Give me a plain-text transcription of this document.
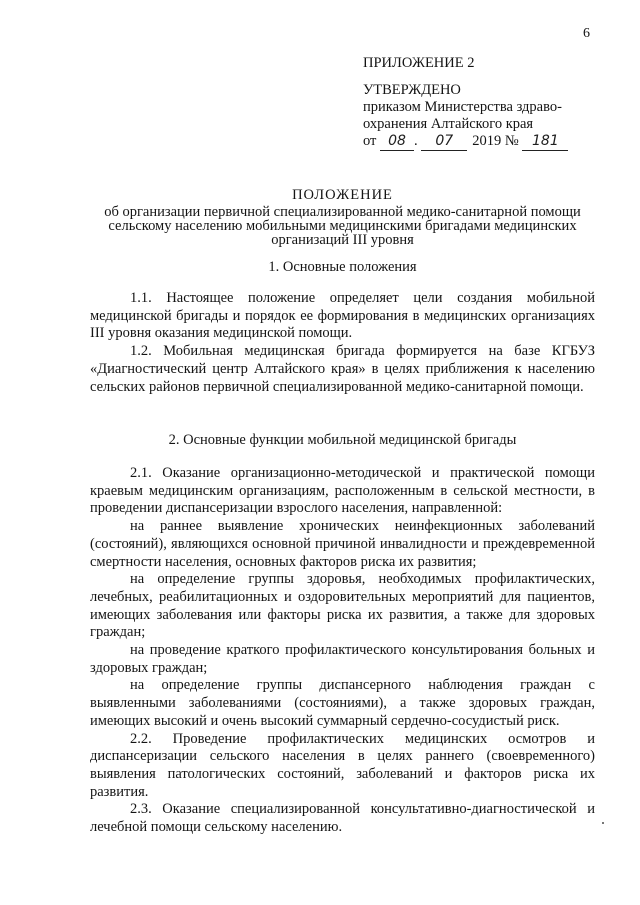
6
ПРИЛОЖЕНИЕ 2
УТВЕРЖДЕНО
приказом Министерства здраво-
охранения Алтайского края
от 08 . 07 2019 № 181
ПОЛОЖЕНИЕ
об организации первичной специализированной медико-санитарной помощи
сельскому населению мобильными медицинскими бригадами медицинских
организаций III уровня
1. Основные положения

1.1. Настоящее положение определяет цели создания мобильной медицинской бригады и порядок ее формирования в медицинских организациях III уровня оказания медицинской помощи.

1.2. Мобильная медицинская бригада формируется на базе КГБУЗ «Диагностический центр Алтайского края» в целях приближения к населению сельских районов первичной специализированной медико-санитарной помощи.

2. Основные функции мобильной медицинской бригады

2.1. Оказание организационно-методической и практической помощи краевым медицинским организациям, расположенным в сельской местности, в проведении диспансеризации взрослого населения, направленной:

на раннее выявление хронических неинфекционных заболеваний (состояний), являющихся основной причиной инвалидности и преждевременной смертности населения, основных факторов риска их развития;

на определение группы здоровья, необходимых профилактических, лечебных, реабилитационных и оздоровительных мероприятий для пациентов, имеющих заболевания или факторы риска их развития, а также для здоровых граждан;

на проведение краткого профилактического консультирования больных и здоровых граждан;

на определение группы диспансерного наблюдения граждан с выявленными заболеваниями (состояниями), а также здоровых граждан, имеющих высокий и очень высокий суммарный сердечно-сосудистый риск.

2.2. Проведение профилактических медицинских осмотров и диспансеризации сельского населения в целях раннего (своевременного) выявления патологических состояний, заболеваний и факторов риска их развития.

2.3. Оказание специализированной консультативно-диагностической и лечебной помощи сельскому населению.
